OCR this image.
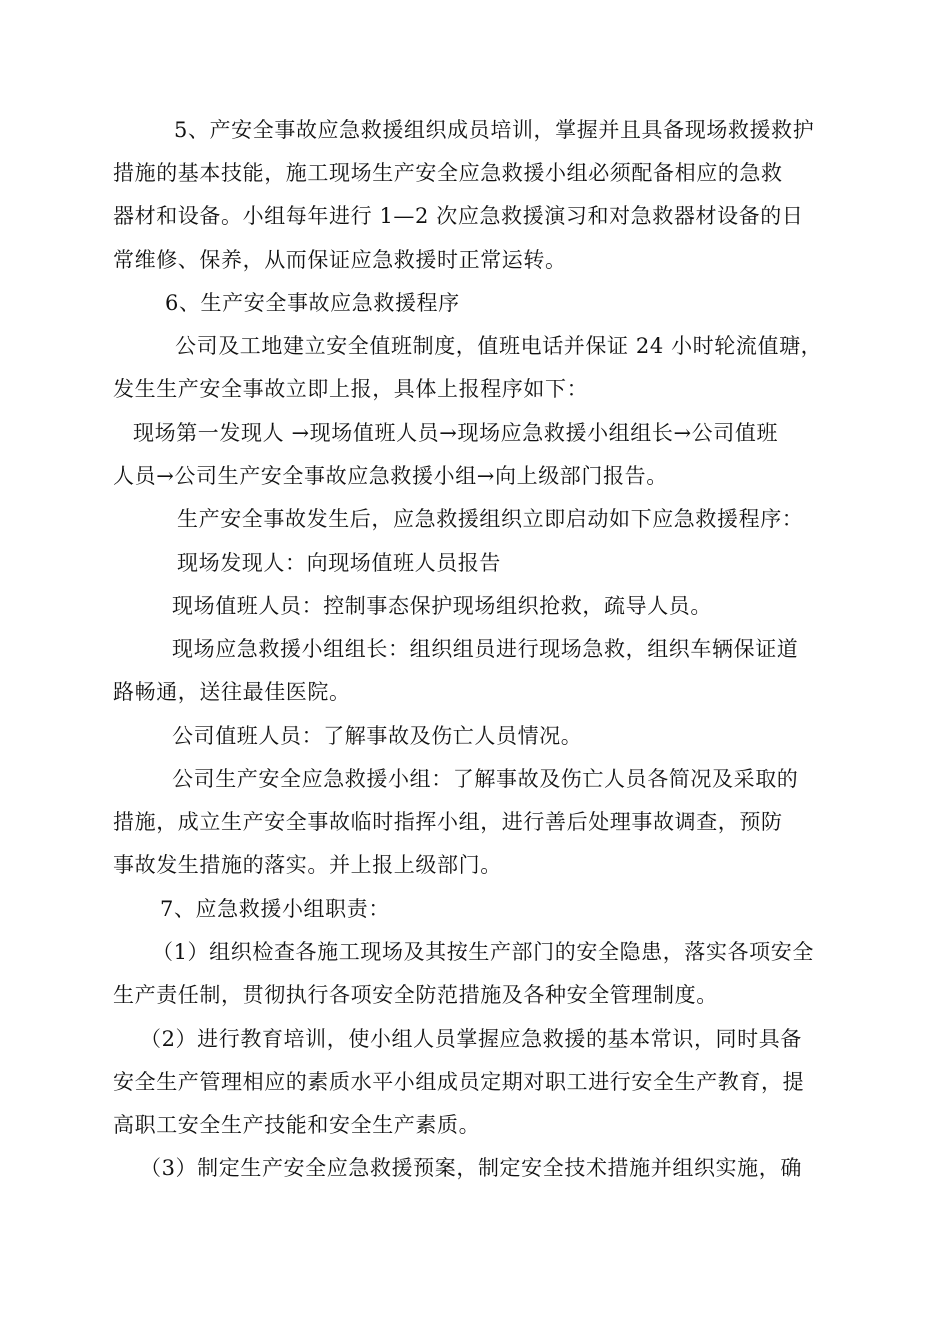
5、产安全事故应急救援组织成员培训，掌握并且具备现场救援救护
措施的基本技能，施工现场生产安全应急救援小组必须配备相应的急救
器材和设备。小组每年进行 1—2 次应急救援演习和对急救器材设备的日
常维修、保养，从而保证应急救援时正常运转。
6、生产安全事故应急救援程序
公司及工地建立安全值班制度，值班电话并保证 24 小时轮流值瑭，
发生生产安全事故立即上报，具体上报程序如下：
现场第一发现人 →现场值班人员→现场应急救援小组组长→公司值班
人员→公司生产安全事故应急救援小组→向上级部门报告。
生产安全事故发生后，应急救援组织立即启动如下应急救援程序：
现场发现人：向现场值班人员报告
现场值班人员：控制事态保护现场组织抢救，疏导人员。
现场应急救援小组组长：组织组员进行现场急救，组织车辆保证道
路畅通，送往最佳医院。
公司值班人员：了解事故及伤亡人员情况。
公司生产安全应急救援小组：了解事故及伤亡人员各简况及采取的
措施，成立生产安全事故临时指挥小组，进行善后处理事故调查，预防
事故发生措施的落实。并上报上级部门。
7、应急救援小组职责：
（1）组织检查各施工现场及其按生产部门的安全隐患，落实各项安全
生产责任制，贯彻执行各项安全防范措施及各种安全管理制度。
（2）进行教育培训，使小组人员掌握应急救援的基本常识，同时具备
安全生产管理相应的素质水平小组成员定期对职工进行安全生产教育，提
高职工安全生产技能和安全生产素质。
（3）制定生产安全应急救援预案，制定安全技术措施并组织实施，确
